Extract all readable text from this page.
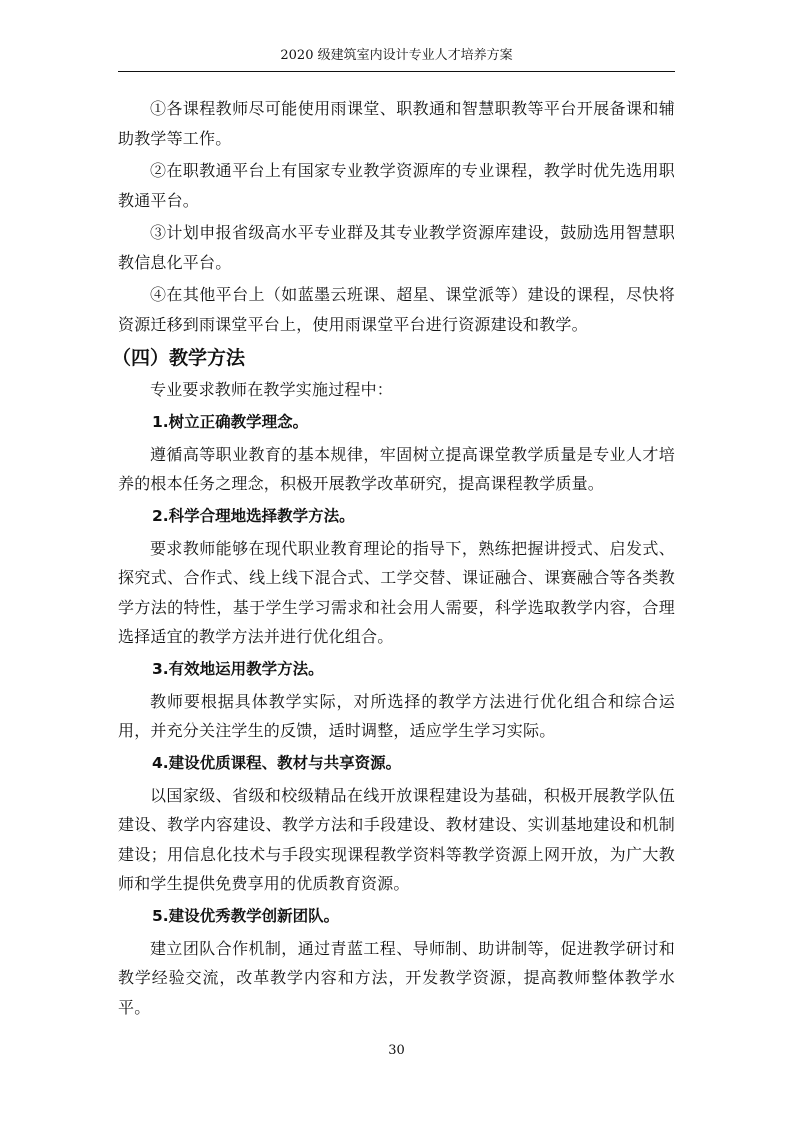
2020 级建筑室内设计专业人才培养方案

①各课程教师尽可能使用雨课堂、职教通和智慧职教等平台开展备课和辅助教学等工作。

②在职教通平台上有国家专业教学资源库的专业课程，教学时优先选用职教通平台。

③计划申报省级高水平专业群及其专业教学资源库建设，鼓励选用智慧职教信息化平台。

④在其他平台上（如蓝墨云班课、超星、课堂派等）建设的课程，尽快将资源迁移到雨课堂平台上，使用雨课堂平台进行资源建设和教学。

（四）教学方法

专业要求教师在教学实施过程中：

1.树立正确教学理念。

遵循高等职业教育的基本规律，牢固树立提高课堂教学质量是专业人才培养的根本任务之理念，积极开展教学改革研究，提高课程教学质量。

2.科学合理地选择教学方法。

要求教师能够在现代职业教育理论的指导下，熟练把握讲授式、启发式、探究式、合作式、线上线下混合式、工学交替、课证融合、课赛融合等各类教学方法的特性，基于学生学习需求和社会用人需要，科学选取教学内容，合理选择适宜的教学方法并进行优化组合。

3.有效地运用教学方法。

教师要根据具体教学实际，对所选择的教学方法进行优化组合和综合运用，并充分关注学生的反馈，适时调整，适应学生学习实际。

4.建设优质课程、教材与共享资源。

以国家级、省级和校级精品在线开放课程建设为基础，积极开展教学队伍建设、教学内容建设、教学方法和手段建设、教材建设、实训基地建设和机制建设；用信息化技术与手段实现课程教学资料等教学资源上网开放，为广大教师和学生提供免费享用的优质教育资源。

5.建设优秀教学创新团队。

建立团队合作机制，通过青蓝工程、导师制、助讲制等，促进教学研讨和教学经验交流，改革教学内容和方法，开发教学资源，提高教师整体教学水平。

30
